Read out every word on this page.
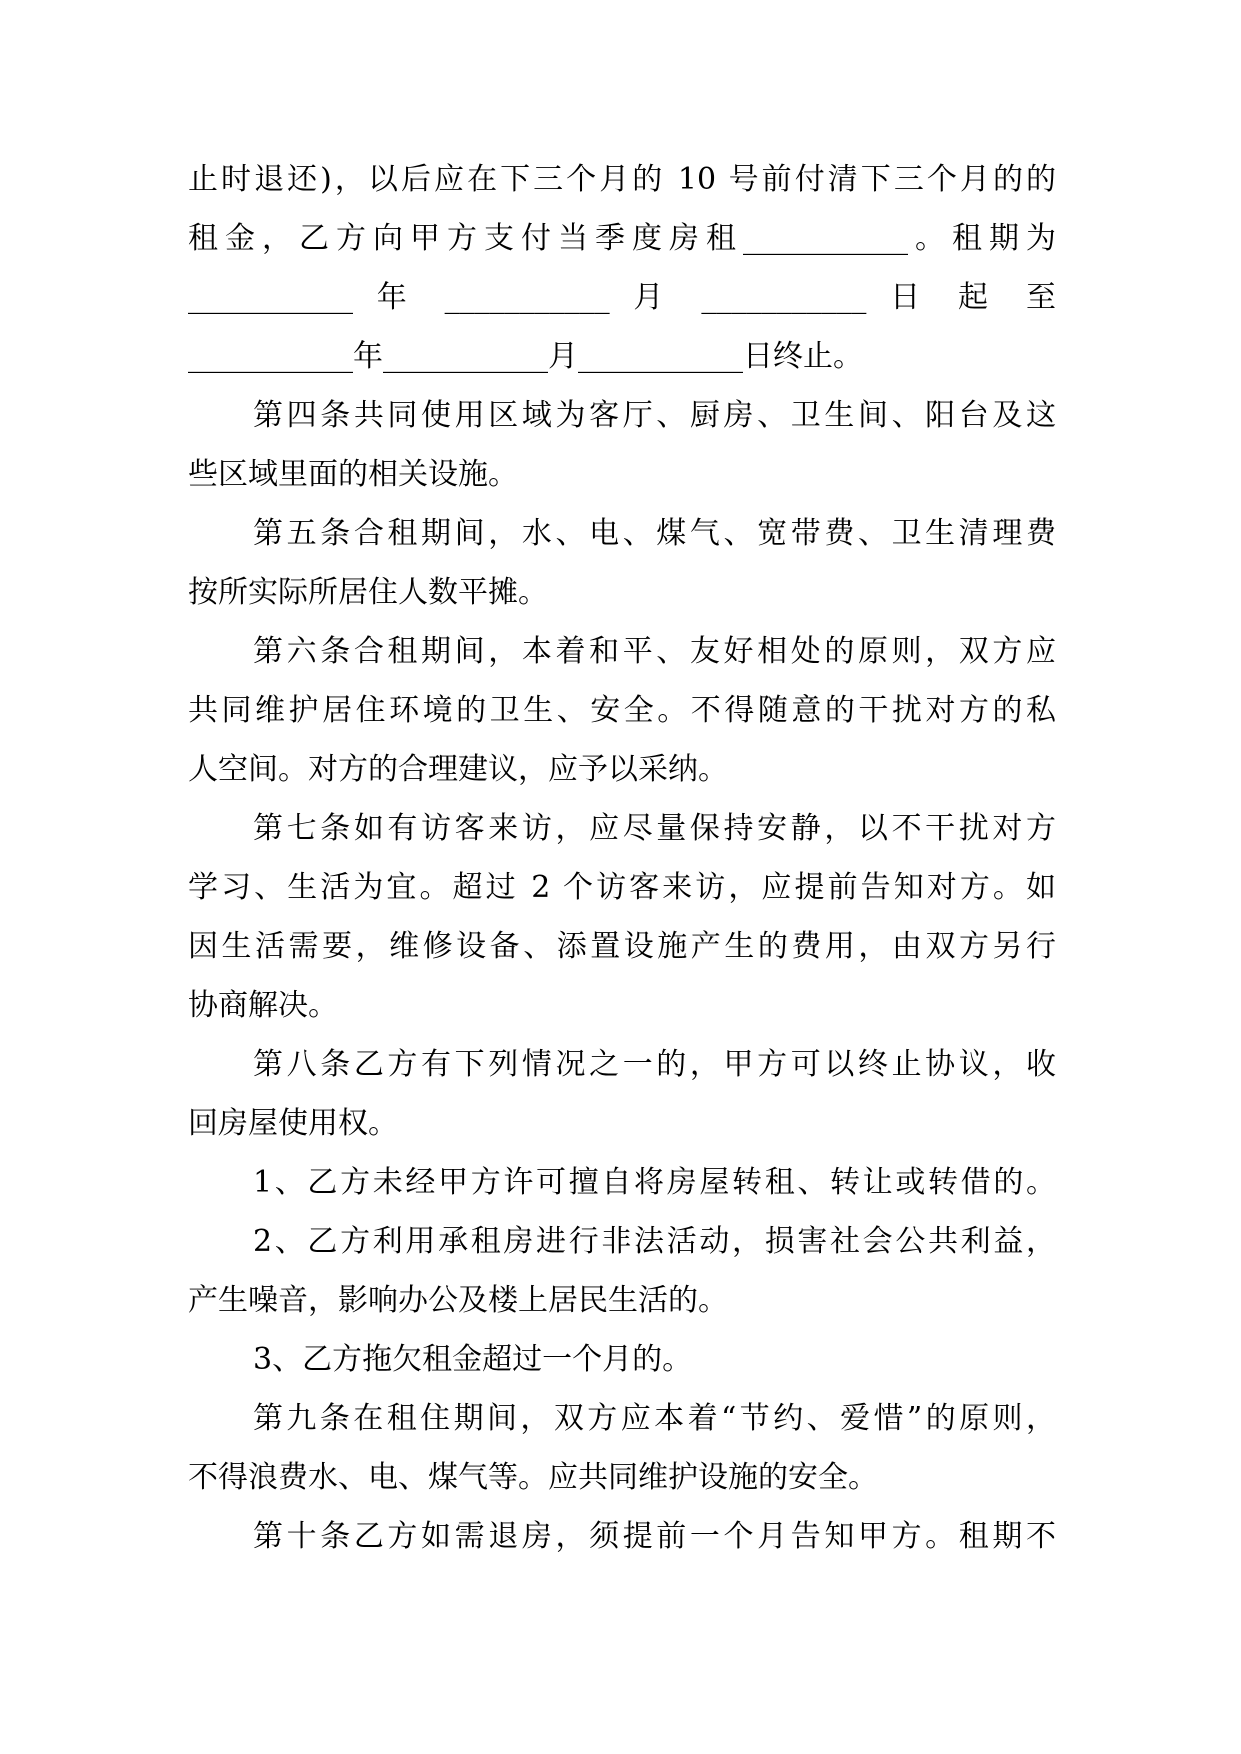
止时退还)，以后应在下三个月的 10 号前付清下三个月的的
租金，乙方向甲方支付当季度房租___________。租期为
___________ 年 ___________ 月 ___________ 日 起 至
___________年___________月___________日终止。
第四条共同使用区域为客厅、厨房、卫生间、阳台及这
些区域里面的相关设施。
第五条合租期间，水、电、煤气、宽带费、卫生清理费
按所实际所居住人数平摊。
第六条合租期间，本着和平、友好相处的原则，双方应
共同维护居住环境的卫生、安全。不得随意的干扰对方的私
人空间。对方的合理建议，应予以采纳。
第七条如有访客来访，应尽量保持安静，以不干扰对方
学习、生活为宜。超过 2 个访客来访，应提前告知对方。如
因生活需要，维修设备、添置设施产生的费用，由双方另行
协商解决。
第八条乙方有下列情况之一的，甲方可以终止协议，收
回房屋使用权。
1、乙方未经甲方许可擅自将房屋转租、转让或转借的。
2、乙方利用承租房进行非法活动，损害社会公共利益，
产生噪音，影响办公及楼上居民生活的。
3、乙方拖欠租金超过一个月的。
第九条在租住期间，双方应本着“节约、爱惜”的原则，
不得浪费水、电、煤气等。应共同维护设施的安全。
第十条乙方如需退房，须提前一个月告知甲方。租期不
